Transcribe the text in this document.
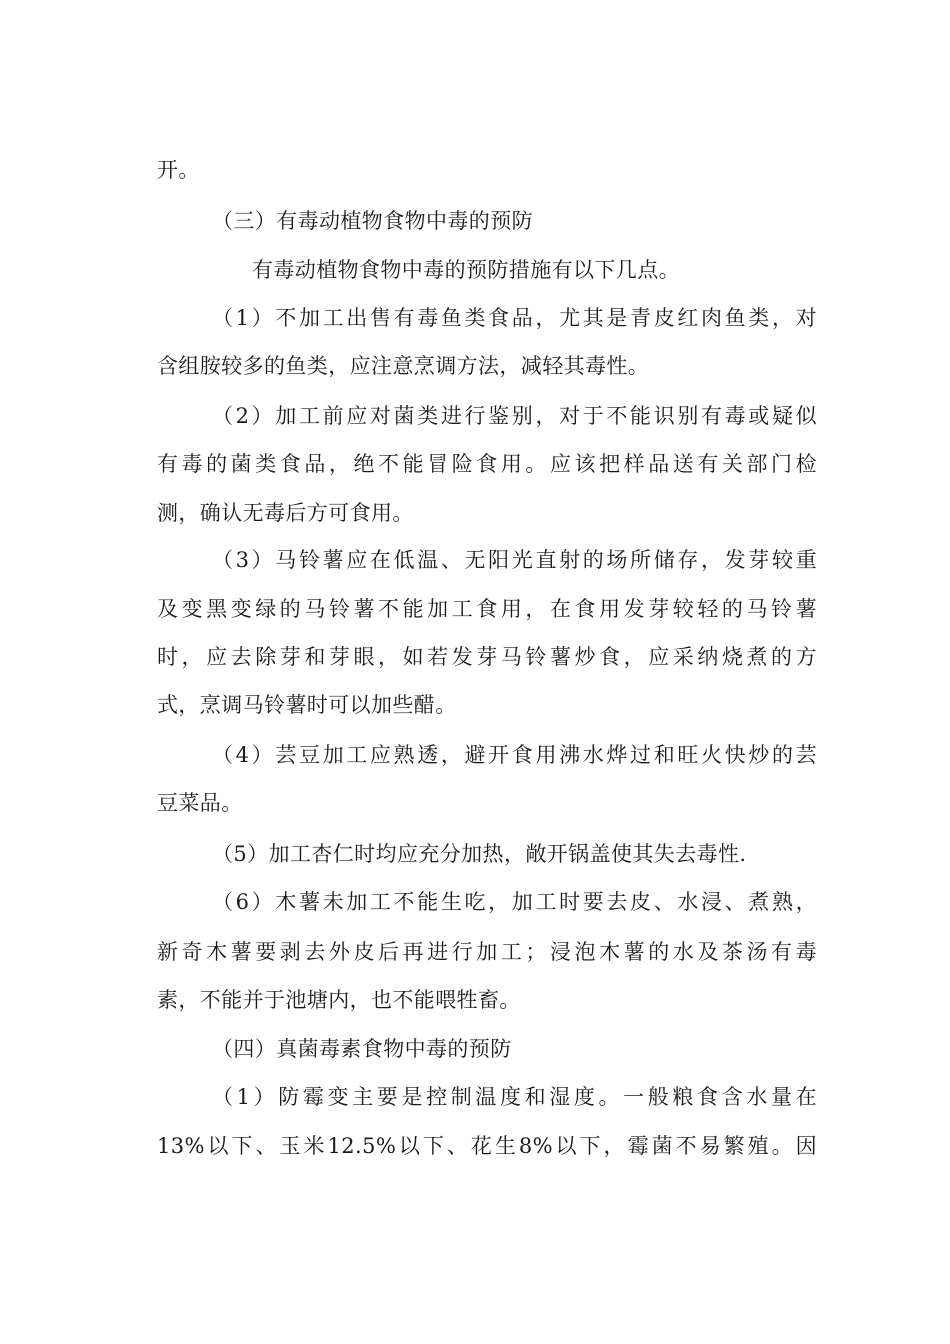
开。
（三）有毒动植物食物中毒的预防
有毒动植物食物中毒的预防措施有以下几点。
（1）不加工出售有毒鱼类食品，尤其是青皮红肉鱼类，对
含组胺较多的鱼类，应注意烹调方法，减轻其毒性。
（2）加工前应对菌类进行鉴别，对于不能识别有毒或疑似
有毒的菌类食品，绝不能冒险食用。应该把样品送有关部门检
测，确认无毒后方可食用。
（3）马铃薯应在低温、无阳光直射的场所储存，发芽较重
及变黑变绿的马铃薯不能加工食用，在食用发芽较轻的马铃薯
时，应去除芽和芽眼，如若发芽马铃薯炒食，应采纳烧煮的方
式，烹调马铃薯时可以加些醋。
（4）芸豆加工应熟透，避开食用沸水烨过和旺火快炒的芸
豆菜品。
（5）加工杏仁时均应充分加热，敞开锅盖使其失去毒性.
（6）木薯未加工不能生吃，加工时要去皮、水浸、煮熟，
新奇木薯要剥去外皮后再进行加工；浸泡木薯的水及茶汤有毒
素，不能并于池塘内，也不能喂牲畜。
（四）真菌毒素食物中毒的预防
（1）防霉变主要是控制温度和湿度。一般粮食含水量在
13%以下、玉米12.5%以下、花生8%以下，霉菌不易繁殖。因
